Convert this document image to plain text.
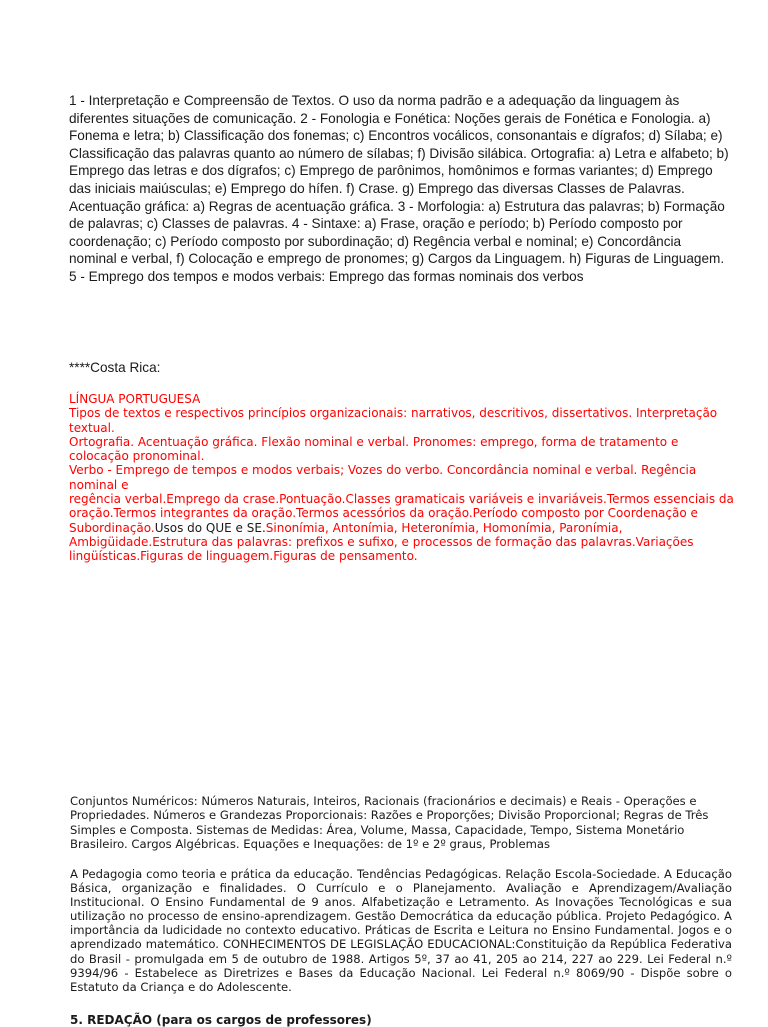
1 - Interpretação e Compreensão de Textos. O uso da norma padrão e a adequação da linguagem às diferentes situações de comunicação. 2 - Fonologia e Fonética: Noções gerais de Fonética e Fonologia. a) Fonema e letra; b) Classificação dos fonemas; c) Encontros vocálicos, consonantais e dígrafos; d) Sílaba; e) Classificação das palavras quanto ao número de sílabas; f) Divisão silábica. Ortografia: a) Letra e alfabeto; b) Emprego das letras e dos dígrafos; c) Emprego de parônimos, homônimos e formas variantes; d) Emprego das iniciais maiúsculas; e) Emprego do hífen. f) Crase. g) Emprego das diversas Classes de Palavras. Acentuação gráfica: a) Regras de acentuação gráfica. 3 - Morfologia: a) Estrutura das palavras; b) Formação de palavras; c) Classes de palavras. 4 - Sintaxe: a) Frase, oração e período; b) Período composto por coordenação; c) Período composto por subordinação; d) Regência verbal e nominal; e) Concordância nominal e verbal, f) Colocação e emprego de pronomes; g) Cargos da Linguagem. h) Figuras de Linguagem. 5 - Emprego dos tempos e modos verbais: Emprego das formas nominais dos verbos
****Costa Rica:

LÍNGUA PORTUGUESA

Tipos de textos e respectivos princípios organizacionais: narrativos, descritivos, dissertativos. Interpretação textual.

Ortografia. Acentuação gráfica. Flexão nominal e verbal. Pronomes: emprego, forma de tratamento e colocação pronominal.

Verbo - Emprego de tempos e modos verbais; Vozes do verbo. Concordância nominal e verbal. Regência nominal e

regência verbal.Emprego da crase.Pontuação.Classes gramaticais variáveis e invariáveis.Termos essenciais da

oração.Termos integrantes da oração.Termos acessórios da oração.Período composto por Coordenação e

Subordinação.Usos do QUE e SE.Sinonímia, Antonímia, Heteronímia, Homonímia, Paronímia, Ambigüidade.Estrutura das palavras: prefixos e sufixo, e processos de formação das palavras.Variações lingüísticas.Figuras de linguagem.Figuras de pensamento.

Conjuntos Numéricos: Números Naturais, Inteiros, Racionais (fracionários e decimais) e Reais - Operações e Propriedades. Números e Grandezas Proporcionais: Razões e Proporções; Divisão Proporcional; Regras de Três Simples e Composta. Sistemas de Medidas: Área, Volume, Massa, Capacidade, Tempo, Sistema Monetário Brasileiro. Cargos Algébricas. Equações e Inequações: de 1º e 2º graus, Problemas
A Pedagogia como teoria e prática da educação. Tendências Pedagógicas. Relação Escola-Sociedade. A Educação Básica, organização e finalidades. O Currículo e o Planejamento. Avaliação e Aprendizagem/Avaliação Institucional. O Ensino Fundamental de 9 anos. Alfabetização e Letramento. As Inovações Tecnológicas e sua utilização no processo de ensino-aprendizagem. Gestão Democrática da educação pública. Projeto Pedagógico. A importância da ludicidade no contexto educativo. Práticas de Escrita e Leitura no Ensino Fundamental. Jogos e o aprendizado matemático. CONHECIMENTOS DE LEGISLAÇÃO EDUCACIONAL:Constituição da República Federativa do Brasil - promulgada em 5 de outubro de 1988. Artigos 5º, 37 ao 41, 205 ao 214, 227 ao 229. Lei Federal n.º 9394/96 - Estabelece as Diretrizes e Bases da Educação Nacional. Lei Federal n.º 8069/90 - Dispõe sobre o Estatuto da Criança e do Adolescente.
5. REDAÇÃO (para os cargos de professores)
